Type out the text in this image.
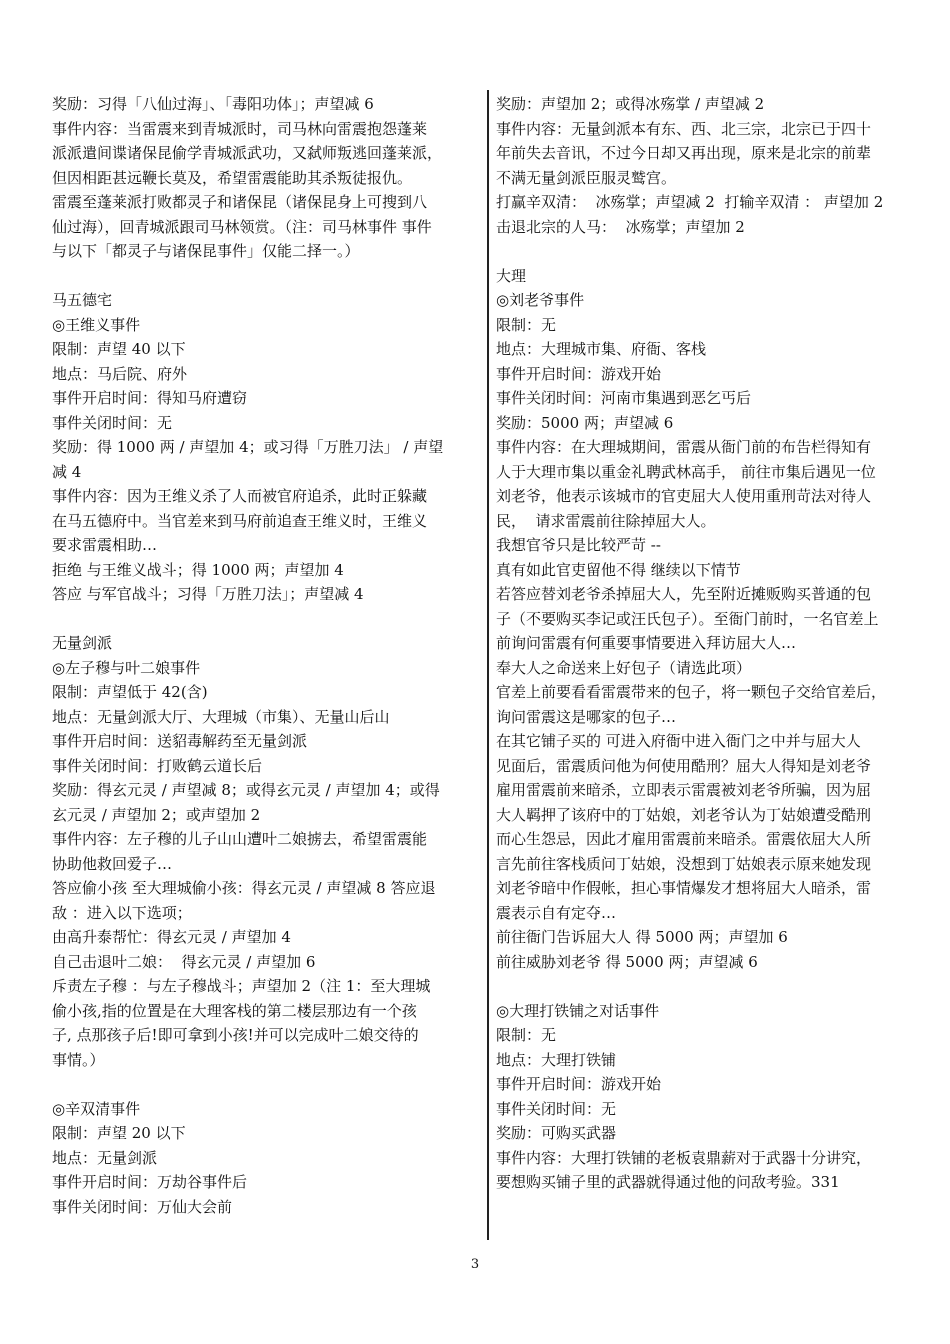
奖励：习得「八仙过海」、「毒阳功体」；声望减 6
事件内容：当雷震来到青城派时，司马林向雷震抱怨蓬莱
派派遣间谍诸保昆偷学青城派武功，又弑师叛逃回蓬莱派，
但因相距甚远鞭长莫及，希望雷震能助其杀叛徒报仇。
雷震至蓬莱派打败都灵子和诸保昆（诸保昆身上可搜到八
仙过海），回青城派跟司马林领赏。（注：司马林事件 事件
与以下「都灵子与诸保昆事件」仅能二择一。）
马五德宅
◎王维义事件
限制：声望 40 以下
地点：马后院、府外
事件开启时间：得知马府遭窃
事件关闭时间：无
奖励：得 1000 两 / 声望加 4；或习得「万胜刀法」 / 声望
减 4
事件内容：因为王维义杀了人而被官府追杀，此时正躲藏
在马五德府中。当官差来到马府前追查王维义时，王维义
要求雷震相助…
拒绝 与王维义战斗；得 1000 两；声望加 4
答应 与军官战斗；习得「万胜刀法」；声望减 4
无量剑派
◎左子穆与叶二娘事件
限制：声望低于 42(含)
地点：无量剑派大厅、大理城（市集）、无量山后山
事件开启时间：送貂毒解药至无量剑派
事件关闭时间：打败鹤云道长后
奖励：得玄元灵 / 声望减 8；或得玄元灵 / 声望加 4；或得
玄元灵 / 声望加 2；或声望加 2
事件内容：左子穆的儿子山山遭叶二娘掳去，希望雷震能
协助他救回爱子…
答应偷小孩 至大理城偷小孩：得玄元灵 / 声望减 8 答应退
敌 ：进入以下选项；
由高升泰帮忙：得玄元灵 / 声望加 4
自己击退叶二娘：  得玄元灵 / 声望加 6
斥责左子穆 ：与左子穆战斗；声望加 2（注 1：至大理城
偷小孩,指的位置是在大理客栈的第二楼层那边有一个孩
子, 点那孩子后!即可拿到小孩!并可以完成叶二娘交待的
事情。）
◎辛双清事件
限制：声望 20 以下
地点：无量剑派
事件开启时间：万劫谷事件后
事件关闭时间：万仙大会前
奖励：声望加 2；或得冰殇掌 / 声望减 2
事件内容：无量剑派本有东、西、北三宗，北宗已于四十
年前失去音讯，不过今日却又再出现，原来是北宗的前辈
不满无量剑派臣服灵鹫宫。
打赢辛双清：  冰殇掌；声望减 2  打输辛双清 ： 声望加 2
击退北宗的人马：  冰殇掌；声望加 2
大理
◎刘老爷事件
限制：无
地点：大理城市集、府衙、客栈
事件开启时间：游戏开始
事件关闭时间：河南市集遇到恶乞丐后
奖励：5000 两；声望减 6
事件内容：在大理城期间，雷震从衙门前的布告栏得知有
人于大理市集以重金礼聘武林高手， 前往市集后遇见一位
刘老爷，他表示该城市的官吏屈大人使用重刑苛法对待人
民，  请求雷震前往除掉屈大人。
我想官爷只是比较严苛 --
真有如此官吏留他不得 继续以下情节
若答应替刘老爷杀掉屈大人，先至附近摊贩购买普通的包
子（不要购买李记或汪氏包子）。至衙门前时，一名官差上
前询问雷震有何重要事情要进入拜访屈大人…
奉大人之命送来上好包子（请选此项）
官差上前要看看雷震带来的包子，将一颗包子交给官差后，
询问雷震这是哪家的包子…
在其它铺子买的 可进入府衙中进入衙门之中并与屈大人
见面后，雷震质问他为何使用酷刑？屈大人得知是刘老爷
雇用雷震前来暗杀，立即表示雷震被刘老爷所骗，因为屈
大人羁押了该府中的丁姑娘，刘老爷认为丁姑娘遭受酷刑
而心生怨忌，因此才雇用雷震前来暗杀。雷震依屈大人所
言先前往客栈质问丁姑娘，没想到丁姑娘表示原来她发现
刘老爷暗中作假帐，担心事情爆发才想将屈大人暗杀，雷
震表示自有定夺…
前往衙门告诉屈大人 得 5000 两；声望加 6
前往威胁刘老爷 得 5000 两；声望减 6
◎大理打铁铺之对话事件
限制：无
地点：大理打铁铺
事件开启时间：游戏开始
事件关闭时间：无
奖励：可购买武器
事件内容：大理打铁铺的老板袁鼎薪对于武器十分讲究，
要想购买铺子里的武器就得通过他的问敌考验。331
3
